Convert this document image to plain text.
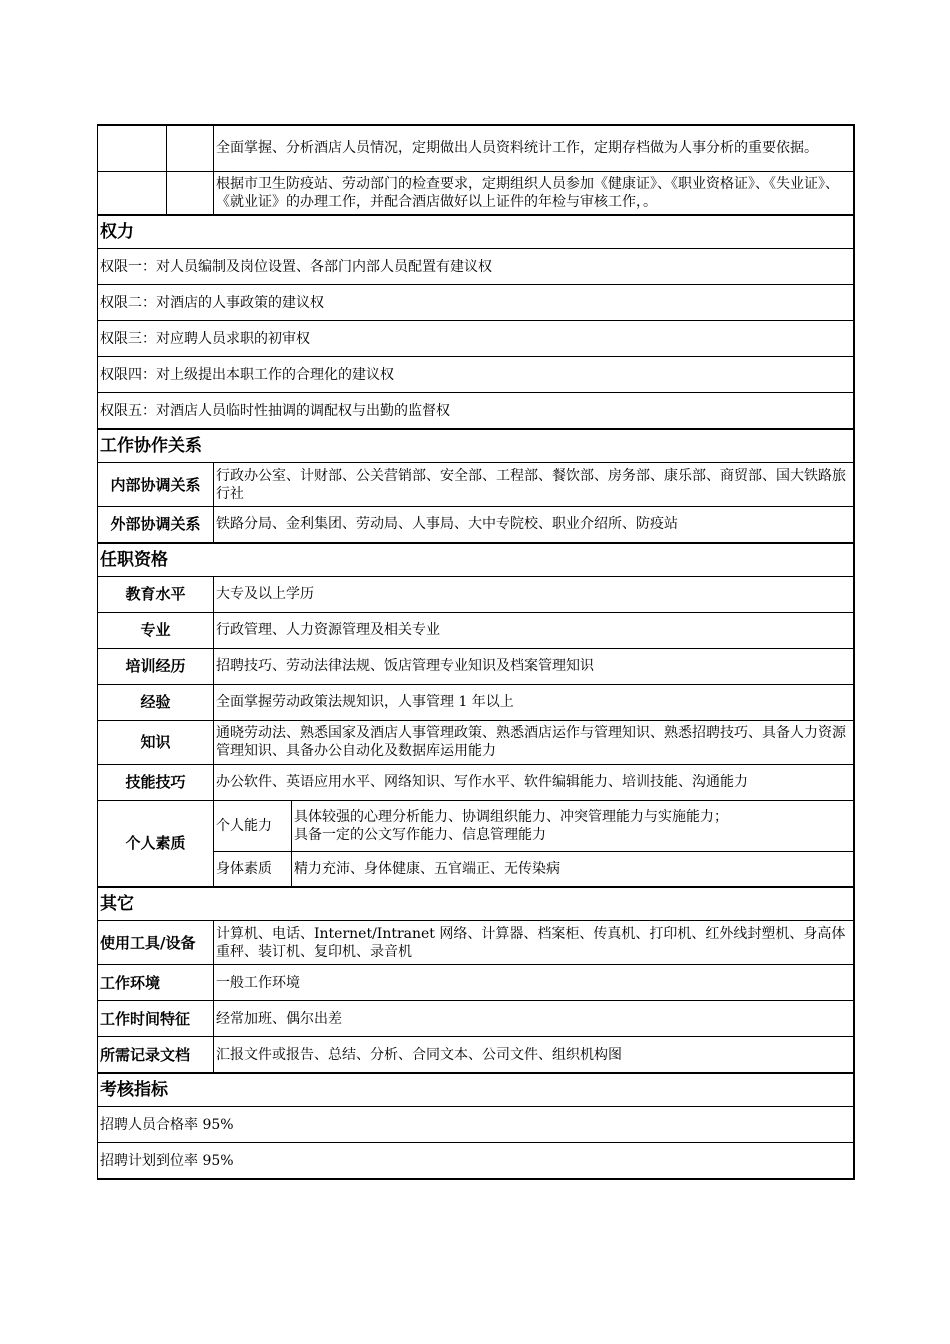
		全面掌握、分析酒店人员情况，定期做出人员资料统计工作，定期存档做为人事分析的重要依据。	
		根据市卫生防疫站、劳动部门的检查要求，定期组织人员参加《健康证》、《职业资格证》、《失业证》、《就业证》的办理工作，并配合酒店做好以上证件的年检与审核工作，。	
权力			
权限一：对人员编制及岗位设置、各部门内部人员配置有建议权			
权限二：对酒店的人事政策的建议权			
权限三：对应聘人员求职的初审权			
权限四：对上级提出本职工作的合理化的建议权			
权限五：对酒店人员临时性抽调的调配权与出勤的监督权			
工作协作关系			
内部协调关系		行政办公室、计财部、公关营销部、安全部、工程部、餐饮部、房务部、康乐部、商贸部、国大铁路旅行社	
外部协调关系		铁路分局、金利集团、劳动局、人事局、大中专院校、职业介绍所、防疫站	
任职资格			
教育水平		大专及以上学历	
专业		行政管理、人力资源管理及相关专业	
培训经历		招聘技巧、劳动法律法规、饭店管理专业知识及档案管理知识	
经验		全面掌握劳动政策法规知识，人事管理 1 年以上	
知识		通晓劳动法、熟悉国家及酒店人事管理政策、熟悉酒店运作与管理知识、熟悉招聘技巧、具备人力资源管理知识、具备办公自动化及数据库运用能力	
技能技巧		办公软件、英语应用水平、网络知识、写作水平、软件编辑能力、培训技能、沟通能力	
个人素质		个人能力	具体较强的心理分析能力、协调组织能力、冲突管理能力与实施能力；
具备一定的公文写作能力、信息管理能力

		身体素质	精力充沛、身体健康、五官端正、无传染病
其它			
使用工具/设备		计算机、电话、Internet/Intranet 网络、计算器、档案柜、传真机、打印机、红外线封塑机、身高体重秤、装订机、复印机、录音机	
工作环境		一般工作环境	
工作时间特征		经常加班、偶尔出差	
所需记录文档		汇报文件或报告、总结、分析、合同文本、公司文件、组织机构图	
考核指标			
招聘人员合格率 95%			
招聘计划到位率 95%			
